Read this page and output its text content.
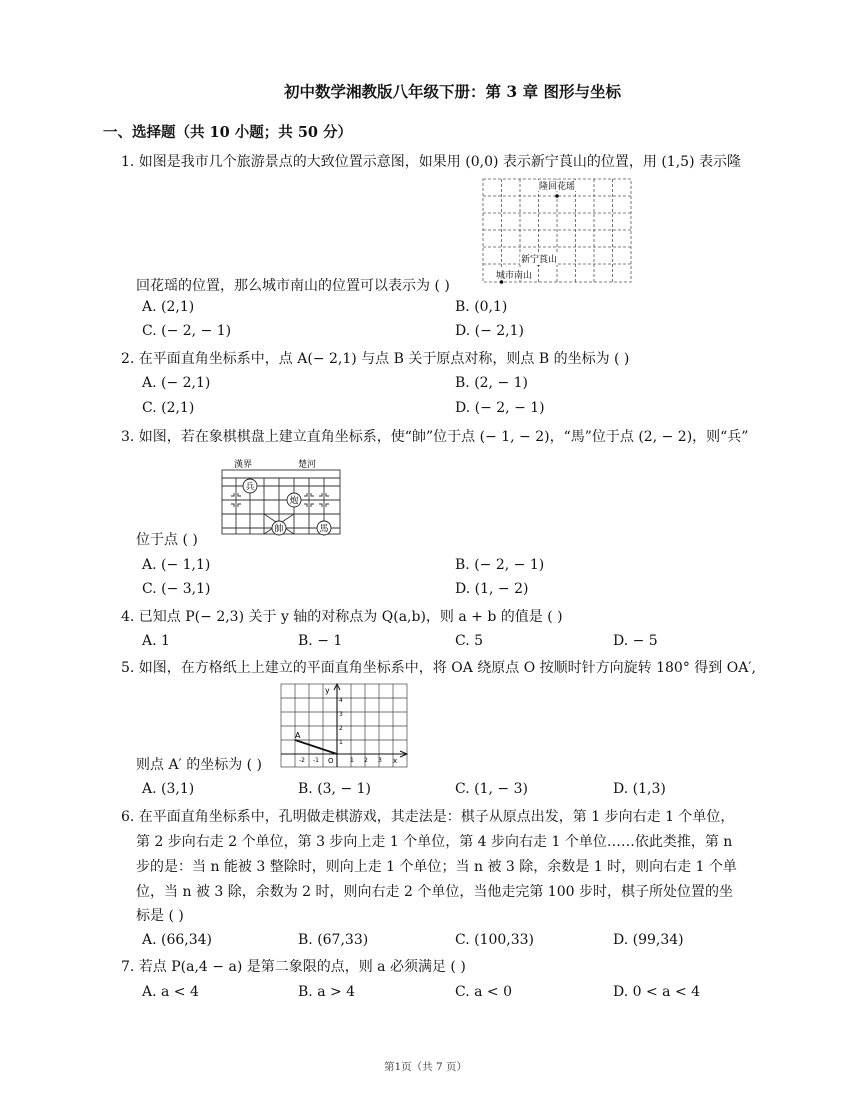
初中数学湘教版八年级下册：第 3 章 图形与坐标
一、选择题（共 10 小题；共 50 分）
1. 如图是我市几个旅游景点的大致位置示意图，如果用 (0,0) 表示新宁莨山的位置，用 (1,5) 表示隆
隆回花瑶
新宁莨山
城市南山
回花瑶的位置，那么城市南山的位置可以表示为 ( )
A. (2,1)	B. (0,1)
C. (− 2, − 1)	D. (− 2,1)
2. 在平面直角坐标系中，点 A(− 2,1) 与点 B 关于原点对称，则点 B 的坐标为 ( )
A. (− 2,1)	B. (2, − 1)
C. (2,1)	D. (− 2, − 1)
3. 如图，若在象棋棋盘上建立直角坐标系，使“帥”位于点 (− 1, − 2)，“馬”位于点 (2, − 2)，则“兵”
漢界	楚河
兵
炮
帥	馬
位于点 ( )
A. (− 1,1)	B. (− 2, − 1)
C. (− 3,1)	D. (1, − 2)
4. 已知点 P(− 2,3) 关于 y 轴的对称点为 Q(a,b)，则 a + b 的值是 ( )
A. 1	B. − 1	C. 5	D. − 5
5. 如图，在方格纸上上建立的平面直角坐标系中，将 OA 绕原点 O 按顺时针方向旋转 180° 得到 OA′,
y
x
O
A
4
3
2
1
-2 -1	1 2 3
则点 A′ 的坐标为 ( )
A. (3,1)	B. (3, − 1)	C. (1, − 3)	D. (1,3)
6. 在平面直角坐标系中，孔明做走棋游戏，其走法是：棋子从原点出发，第 1 步向右走 1 个单位，
第 2 步向右走 2 个单位，第 3 步向上走 1 个单位，第 4 步向右走 1 个单位……依此类推，第 n
步的是：当 n 能被 3 整除时，则向上走 1 个单位；当 n 被 3 除，余数是 1 时，则向右走 1 个单
位，当 n 被 3 除，余数为 2 时，则向右走 2 个单位，当他走完第 100 步时，棋子所处位置的坐
标是 ( )
A. (66,34)	B. (67,33)	C. (100,33)	D. (99,34)
7. 若点 P(a,4 − a) 是第二象限的点，则 a 必须满足 ( )
A. a < 4	B. a > 4	C. a < 0	D. 0 < a < 4
第1页（共 7 页）
